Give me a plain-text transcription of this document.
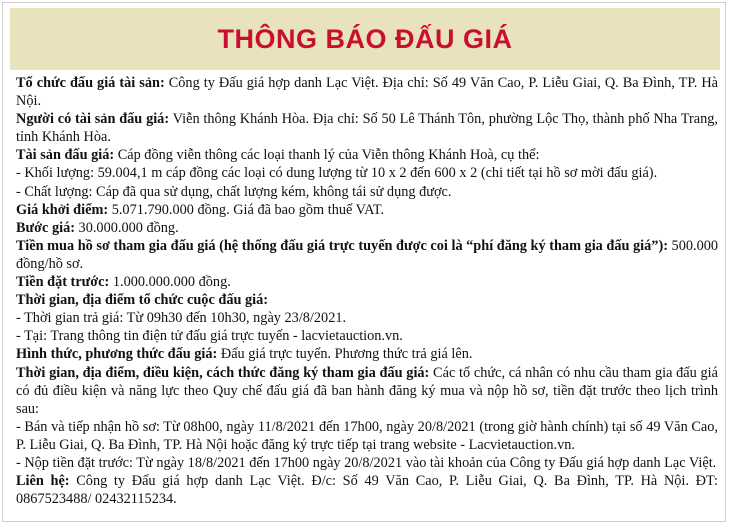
THÔNG BÁO ĐẤU GIÁ

Tổ chức đấu giá tài sản: Công ty Đấu giá hợp danh Lạc Việt. Địa chỉ: Số 49 Văn Cao, P. Liễu Giai, Q. Ba Đình, TP. Hà Nội.

Người có tài sản đấu giá: Viễn thông Khánh Hòa. Địa chỉ: Số 50 Lê Thánh Tôn, phường Lộc Thọ, thành phố Nha Trang, tỉnh Khánh Hòa.

Tài sản đấu giá: Cáp đồng viễn thông các loại thanh lý của Viễn thông Khánh Hoà, cụ thể:

- Khối lượng: 59.004,1 m cáp đồng các loại có dung lượng từ 10 x 2 đến 600 x 2 (chi tiết tại hồ sơ mời đấu giá).

- Chất lượng: Cáp đã qua sử dụng, chất lượng kém, không tái sử dụng được.

Giá khởi điểm: 5.071.790.000 đồng. Giá đã bao gồm thuế VAT.

Bước giá: 30.000.000 đồng.

Tiền mua hồ sơ tham gia đấu giá (hệ thống đấu giá trực tuyến được coi là “phí đăng ký tham gia đấu giá”): 500.000 đồng/hồ sơ.

Tiền đặt trước: 1.000.000.000 đồng.

Thời gian, địa điểm tổ chức cuộc đấu giá:

- Thời gian trả giá: Từ 09h30 đến 10h30, ngày 23/8/2021.

- Tại: Trang thông tin điện tử đấu giá trực tuyến - lacvietauction.vn.

Hình thức, phương thức đấu giá: Đấu giá trực tuyến. Phương thức trả giá lên.

Thời gian, địa điểm, điều kiện, cách thức đăng ký tham gia đấu giá: Các tổ chức, cá nhân có nhu cầu tham gia đấu giá có đủ điều kiện và năng lực theo Quy chế đấu giá đã ban hành đăng ký mua và nộp hồ sơ, tiền đặt trước theo lịch trình sau:

- Bán và tiếp nhận hồ sơ: Từ 08h00, ngày 11/8/2021 đến 17h00, ngày 20/8/2021 (trong giờ hành chính) tại số 49 Văn Cao, P. Liễu Giai, Q. Ba Đình, TP. Hà Nội hoặc đăng ký trực tiếp tại trang website - Lacvietauction.vn.

- Nộp tiền đặt trước: Từ ngày 18/8/2021 đến 17h00 ngày 20/8/2021 vào tài khoản của Công ty Đấu giá hợp danh Lạc Việt.

Liên hệ: Công ty Đấu giá hợp danh Lạc Việt. Đ/c: Số 49 Văn Cao, P. Liễu Giai, Q. Ba Đình, TP. Hà Nội. ĐT: 0867523488/ 02432115234.
